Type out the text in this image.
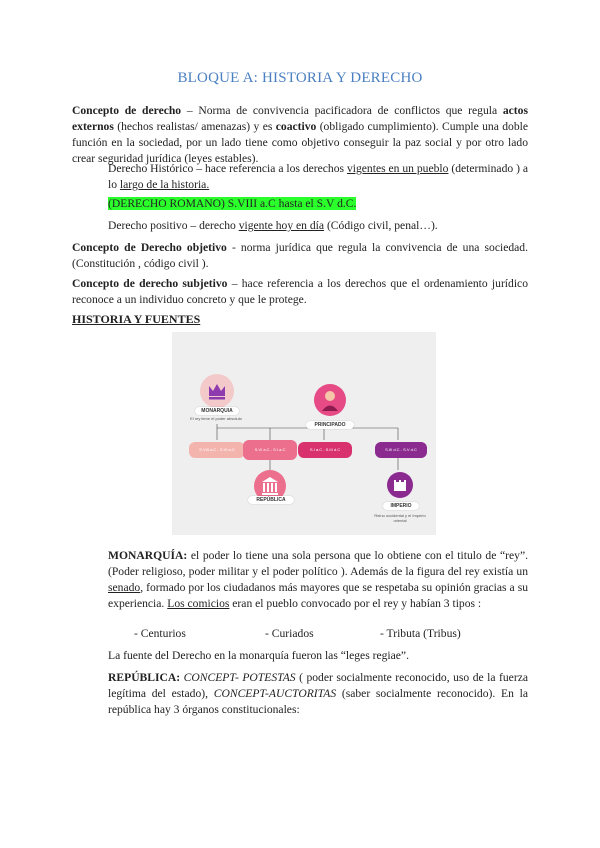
BLOQUE A: HISTORIA Y DERECHO
Concepto de derecho – Norma de convivencia pacificadora de conflictos que regula actos externos (hechos realistas/ amenazas) y es coactivo (obligado cumplimiento). Cumple una doble función en la sociedad, por un lado tiene como objetivo conseguir la paz social y por otro lado crear seguridad jurídica (leyes estables).
Derecho Histórico – hace referencia a los derechos vigentes en un pueblo (determinado ) a lo largo de la historia.
(DERECHO ROMANO) S.VIII a.C hasta el S.V d.C.
Derecho positivo – derecho vigente hoy en día (Código civil, penal…).
Concepto de Derecho objetivo - norma jurídica que regula la convivencia de una sociedad. (Constitución , código civil ).
Concepto de derecho subjetivo – hace referencia a los derechos que el ordenamiento jurídico reconoce a un individuo concreto y que le protege.
HISTORIA Y FUENTES
MONARQUIA
El rey tiene el poder absoluto
PRINCIPADO
S.VIII a.C - S.VI a.C	S.VI a.C - S.I a.C	S.I a.C - S.III d.C	S.III d.C - S.V d.C
REPÚBLICA
IMPERIO
Reino occidental y el Imperio oriental
MONARQUÍA: el poder lo tiene una sola persona que lo obtiene con el titulo de “rey”. (Poder religioso, poder militar y el poder político ). Además de la figura del rey existía un senado, formado por los ciudadanos más mayores que se respetaba su opinión gracias a su experiencia. Los comicios eran el pueblo convocado por el rey y habían 3 tipos :
- Centurios	- Curiados	- Tributa (Tribus)
La fuente del Derecho en la monarquía fueron las “leges regiae”.
REPÚBLICA: CONCEPT- POTESTAS ( poder socialmente reconocido, uso de la fuerza legítima del estado), CONCEPT-AUCTORITAS (saber socialmente reconocido). En la república hay 3 órganos constitucionales:
